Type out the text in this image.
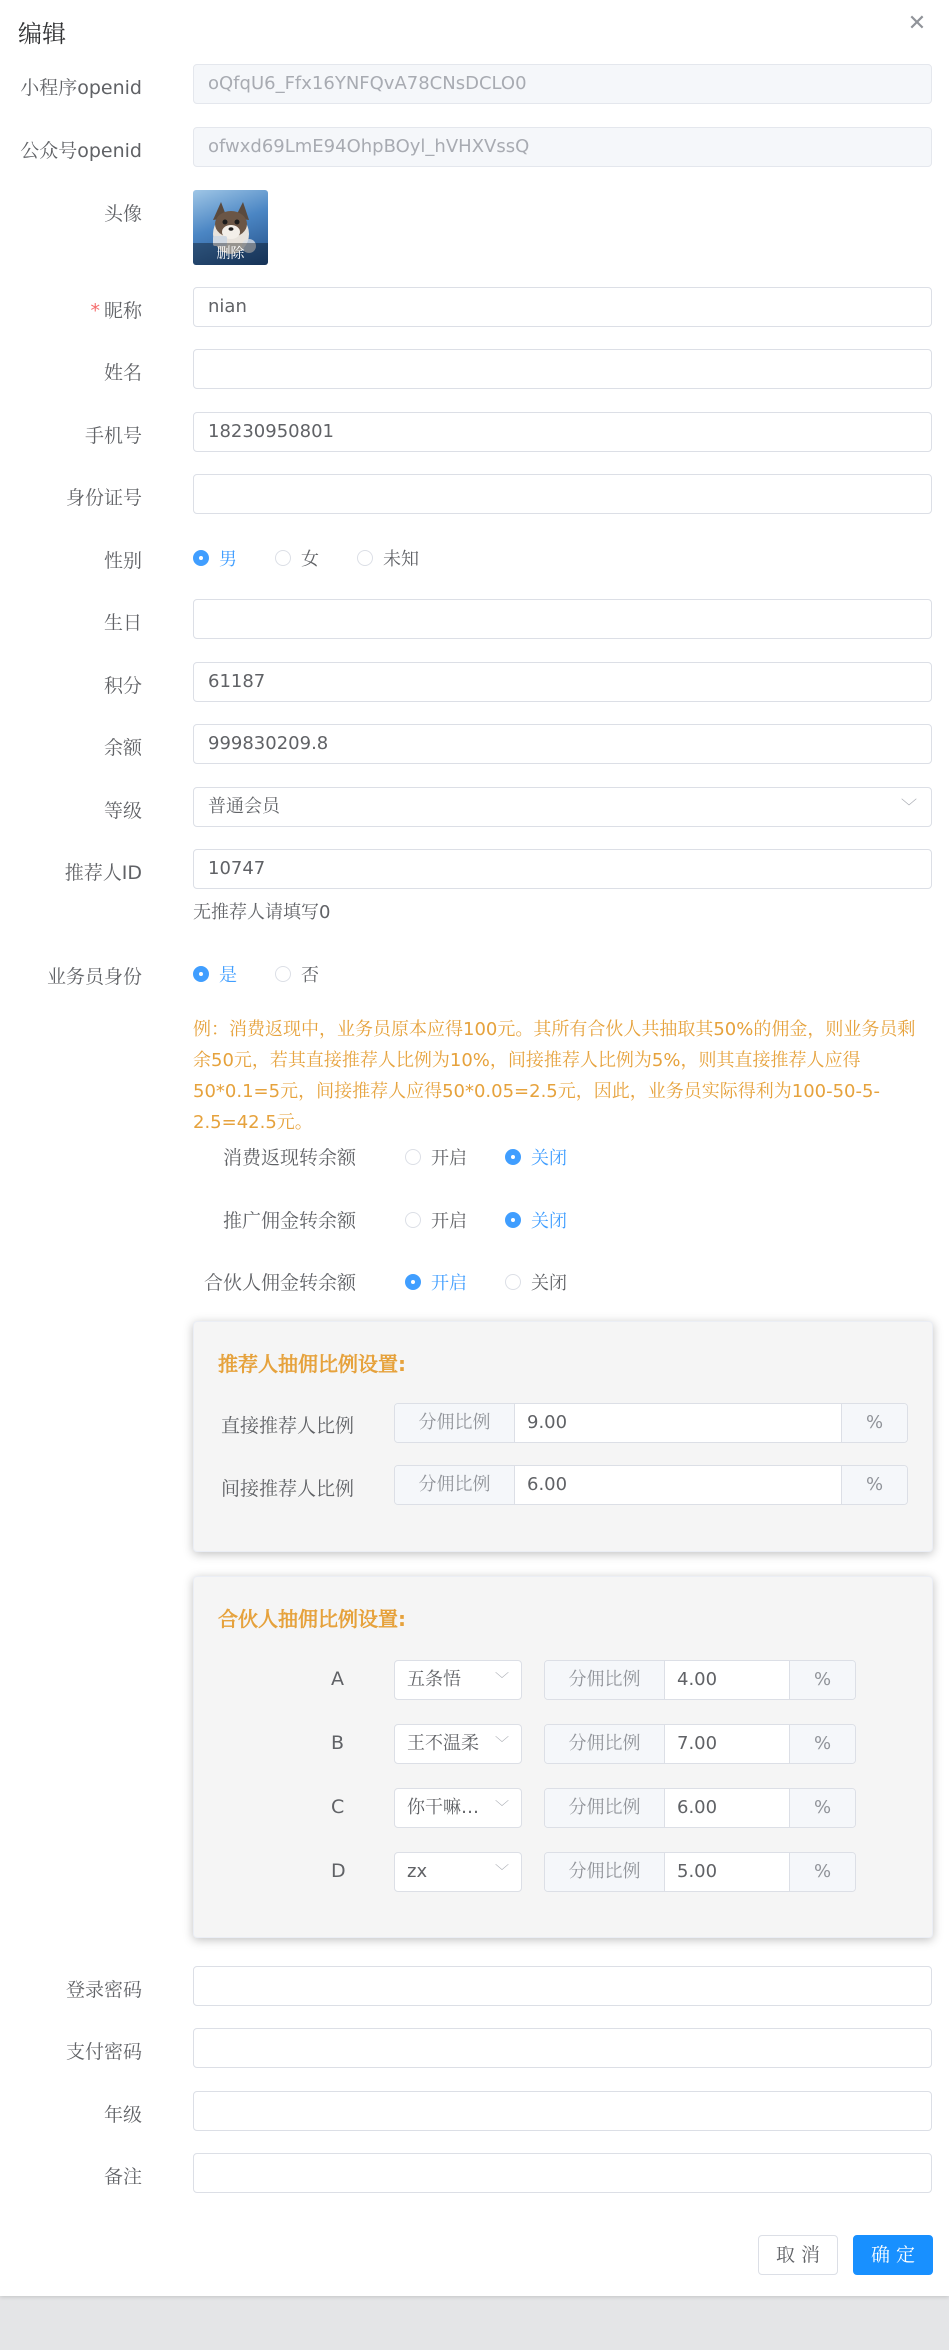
编辑	✕
小程序openid	oQfqU6_Ffx16YNFQvA78CNsDCLO0
公众号openid	ofwxd69LmE94OhpBOyl_hVHXVssQ
头像
删除
* 昵称	nian
姓名
手机号	18230950801
身份证号
性别	男	女	未知
生日
积分	61187
余额	999830209.8
等级	普通会员	﹀
推荐人ID	10747
无推荐人请填写0
业务员身份	是	否
例：消费返现中，业务员原本应得100元。其所有合伙人共抽取其50%的佣金，则业务员剩余50元，若其直接推荐人比例为10%，间接推荐人比例为5%，则其直接推荐人应得50*0.1=5元，间接推荐人应得50*0.05=2.5元，因此，业务员实际得利为100-50-5-2.5=42.5元。
消费返现转余额	开启	关闭
推广佣金转余额	开启	关闭
合伙人佣金转余额	开启	关闭
推荐人抽佣比例设置:
直接推荐人比例	分佣比例	9.00	%
间接推荐人比例	分佣比例	6.00	%
合伙人抽佣比例设置:
A	五条悟 ﹀	分佣比例	4.00	%
B	王不温柔 ﹀	分佣比例	7.00	%
C	你干嘛… ﹀	分佣比例	6.00	%
D	zx	﹀	分佣比例	5.00	%
登录密码
支付密码
年级
备注
取 消	确 定
